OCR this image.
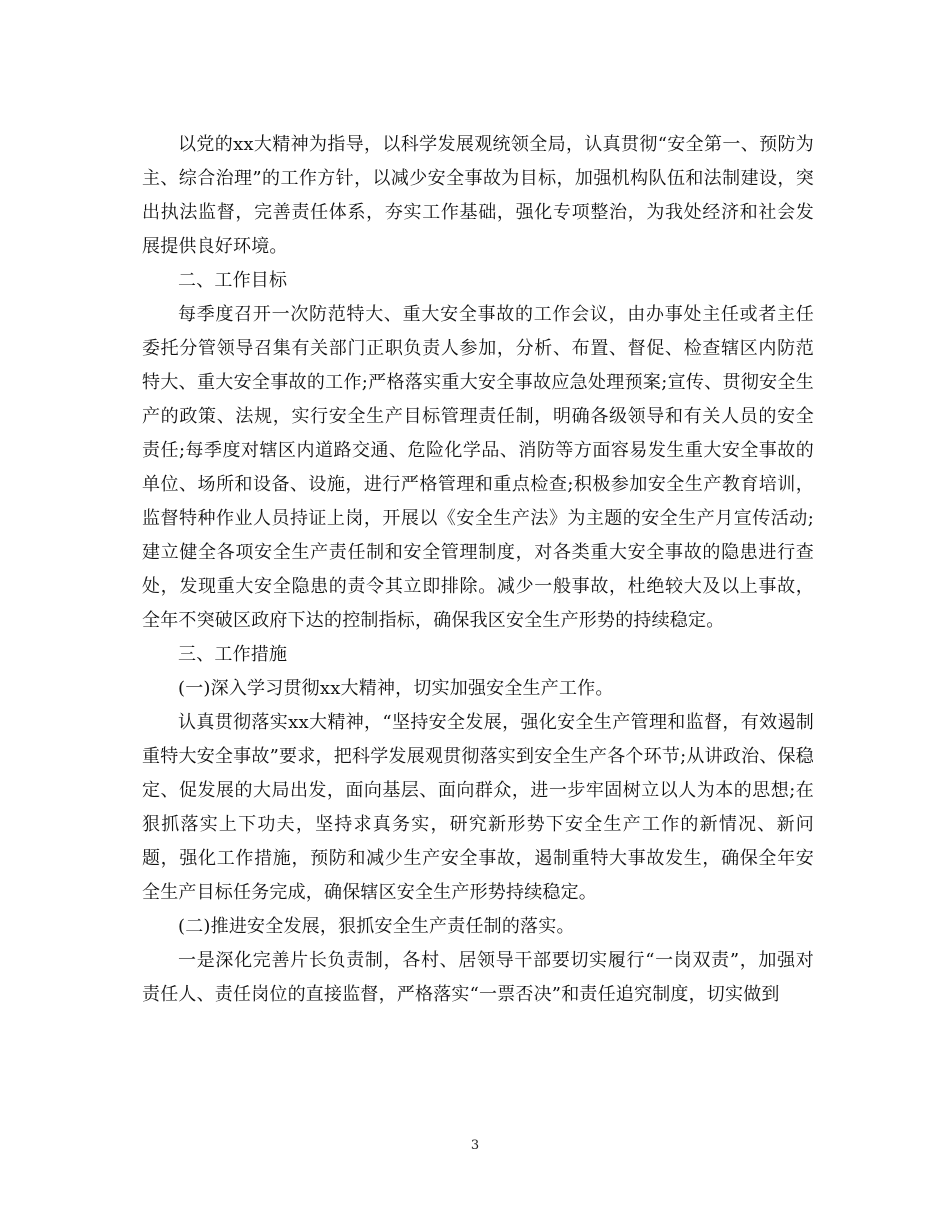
以党的xx大精神为指导，以科学发展观统领全局，认真贯彻“安全第一、预防为主、综合治理”的工作方针，以减少安全事故为目标，加强机构队伍和法制建设，突出执法监督，完善责任体系，夯实工作基础，强化专项整治，为我处经济和社会发展提供良好环境。

二、工作目标

每季度召开一次防范特大、重大安全事故的工作会议，由办事处主任或者主任委托分管领导召集有关部门正职负责人参加，分析、布置、督促、检查辖区内防范特大、重大安全事故的工作;严格落实重大安全事故应急处理预案;宣传、贯彻安全生产的政策、法规，实行安全生产目标管理责任制，明确各级领导和有关人员的安全责任;每季度对辖区内道路交通、危险化学品、消防等方面容易发生重大安全事故的单位、场所和设备、设施，进行严格管理和重点检查;积极参加安全生产教育培训，监督特种作业人员持证上岗，开展以《安全生产法》为主题的安全生产月宣传活动;建立健全各项安全生产责任制和安全管理制度，对各类重大安全事故的隐患进行查处，发现重大安全隐患的责令其立即排除。减少一般事故，杜绝较大及以上事故，全年不突破区政府下达的控制指标，确保我区安全生产形势的持续稳定。

三、工作措施

(一)深入学习贯彻xx大精神，切实加强安全生产工作。

认真贯彻落实xx大精神，“坚持安全发展，强化安全生产管理和监督，有效遏制重特大安全事故”要求，把科学发展观贯彻落实到安全生产各个环节;从讲政治、保稳定、促发展的大局出发，面向基层、面向群众，进一步牢固树立以人为本的思想;在狠抓落实上下功夫，坚持求真务实，研究新形势下安全生产工作的新情况、新问题，强化工作措施，预防和减少生产安全事故，遏制重特大事故发生，确保全年安全生产目标任务完成，确保辖区安全生产形势持续稳定。

(二)推进安全发展，狠抓安全生产责任制的落实。

一是深化完善片长负责制，各村、居领导干部要切实履行“一岗双责”，加强对责任人、责任岗位的直接监督，严格落实“一票否决”和责任追究制度，切实做到

3
